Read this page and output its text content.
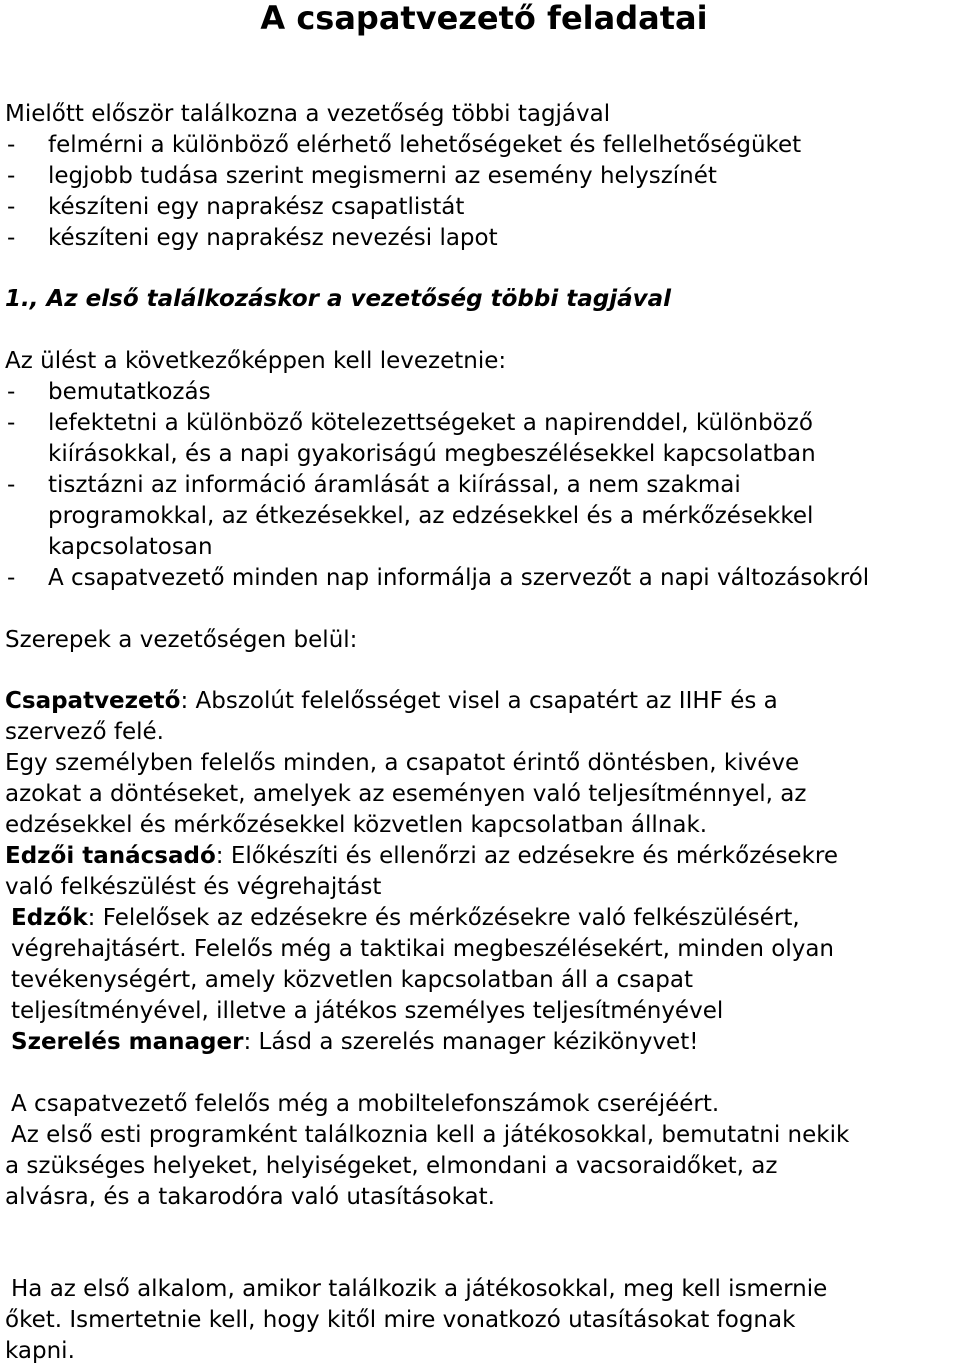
A csapatvezető feladatai
Mielőtt először találkozna a vezetőség többi tagjával
- felmérni a különböző elérhető lehetőségeket és fellelhetőségüket
- legjobb tudása szerint megismerni az esemény helyszínét
- készíteni egy naprakész csapatlistát
- készíteni egy naprakész nevezési lapot
1., Az első találkozáskor a vezetőség többi tagjával
Az ülést a következőképpen kell levezetnie:
- bemutatkozás
- lefektetni a különböző kötelezettségeket a napirenddel, különböző
kiírásokkal, és a napi gyakoriságú megbeszélésekkel kapcsolatban
- tisztázni az információ áramlását a kiírással, a nem szakmai
programokkal, az étkezésekkel, az edzésekkel és a mérkőzésekkel
kapcsolatosan
- A csapatvezető minden nap informálja a szervezőt a napi változásokról
Szerepek a vezetőségen belül:
Csapatvezető: Abszolút felelősséget visel a csapatért az IIHF és a
szervező felé.
Egy személyben felelős minden, a csapatot érintő döntésben, kivéve
azokat a döntéseket, amelyek az eseményen való teljesítménnyel, az
edzésekkel és mérkőzésekkel közvetlen kapcsolatban állnak.
Edzői tanácsadó: Előkészíti és ellenőrzi az edzésekre és mérkőzésekre
való felkészülést és végrehajtást
Edzők: Felelősek az edzésekre és mérkőzésekre való felkészülésért,
végrehajtásért. Felelős még a taktikai megbeszélésekért, minden olyan
tevékenységért, amely közvetlen kapcsolatban áll a csapat
teljesítményével, illetve a játékos személyes teljesítményével
Szerelés manager: Lásd a szerelés manager kézikönyvet!
A csapatvezető felelős még a mobiltelefonszámok cseréjéért.
Az első esti programként találkoznia kell a játékosokkal, bemutatni nekik
a szükséges helyeket, helyiségeket, elmondani a vacsoraidőket, az
alvásra, és a takarodóra való utasításokat.
Ha az első alkalom, amikor találkozik a játékosokkal, meg kell ismernie
őket. Ismertetnie kell, hogy kitől mire vonatkozó utasításokat fognak
kapni.
